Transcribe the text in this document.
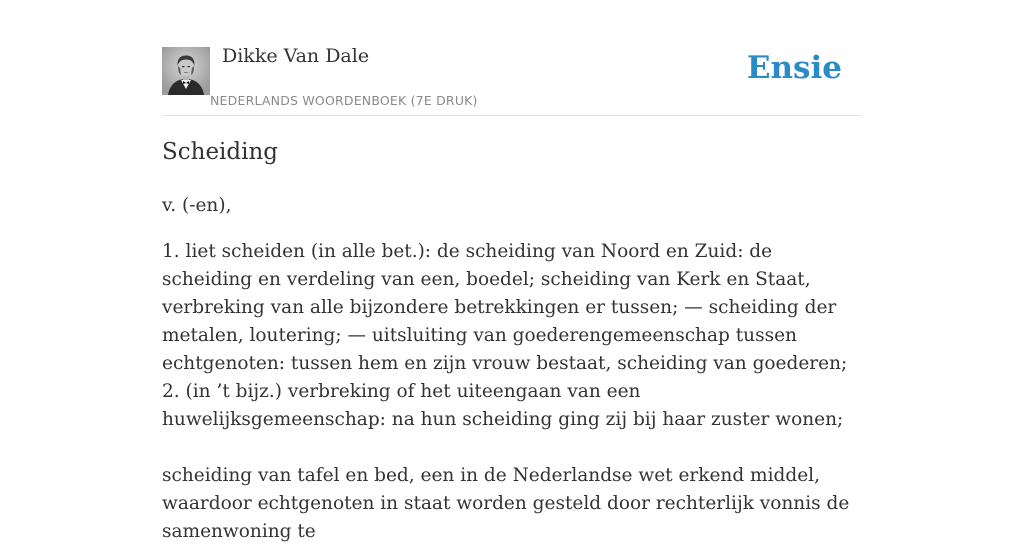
Dikke Van Dale
NEDERLANDS WOORDENBOEK (7E DRUK)
Ensie
Scheiding

v. (-en),

1. liet scheiden (in alle bet.): de scheiding van Noord en Zuid: de scheiding en verdeling van een, boedel; scheiding van Kerk en Staat, verbreking van alle bijzondere betrekkingen er tussen; — scheiding der metalen, loutering; — uitsluiting van goederengemeenschap tussen echtgenoten: tussen hem en zijn vrouw bestaat, scheiding van goederen;

2. (in ’t bijz.) verbreking of het uiteengaan van een huwelijksgemeenschap: na hun scheiding ging zij bij haar zuster wonen;

scheiding van tafel en bed, een in de Nederlandse wet erkend middel, waardoor echtgenoten in staat worden gesteld door rechterlijk vonnis de samenwoning te
